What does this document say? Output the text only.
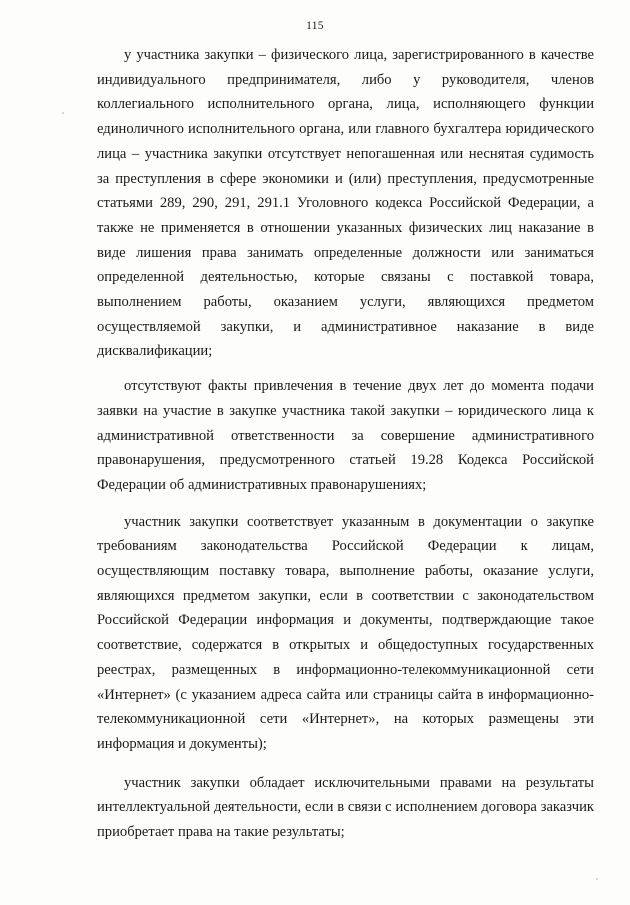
115

у участника закупки – физического лица, зарегистрированного в качестве индивидуального предпринимателя, либо у руководителя, членов коллегиального исполнительного органа, лица, исполняющего функции единоличного исполнительного органа, или главного бухгалтера юридического лица – участника закупки отсутствует непогашенная или неснятая судимость за преступления в сфере экономики и (или) преступления, предусмотренные статьями 289, 290, 291, 291.1 Уголовного кодекса Российской Федерации, а также не применяется в отношении указанных физических лиц наказание в виде лишения права занимать определенные должности или заниматься определенной деятельностью, которые связаны с поставкой товара, выполнением работы, оказанием услуги, являющихся предметом осуществляемой закупки, и административное наказание в виде дисквалификации;

отсутствуют факты привлечения в течение двух лет до момента подачи заявки на участие в закупке участника такой закупки – юридического лица к административной ответственности за совершение административного правонарушения, предусмотренного статьей 19.28 Кодекса Российской Федерации об административных правонарушениях;

участник закупки соответствует указанным в документации о закупке требованиям законодательства Российской Федерации к лицам, осуществляющим поставку товара, выполнение работы, оказание услуги, являющихся предметом закупки, если в соответствии с законодательством Российской Федерации информация и документы, подтверждающие такое соответствие, содержатся в открытых и общедоступных государственных реестрах, размещенных в информационно-телекоммуникационной сети «Интернет» (с указанием адреса сайта или страницы сайта в информационно-телекоммуникационной сети «Интернет», на которых размещены эти информация и документы);

участник закупки обладает исключительными правами на результаты интеллектуальной деятельности, если в связи с исполнением договора заказчик приобретает права на такие результаты;
